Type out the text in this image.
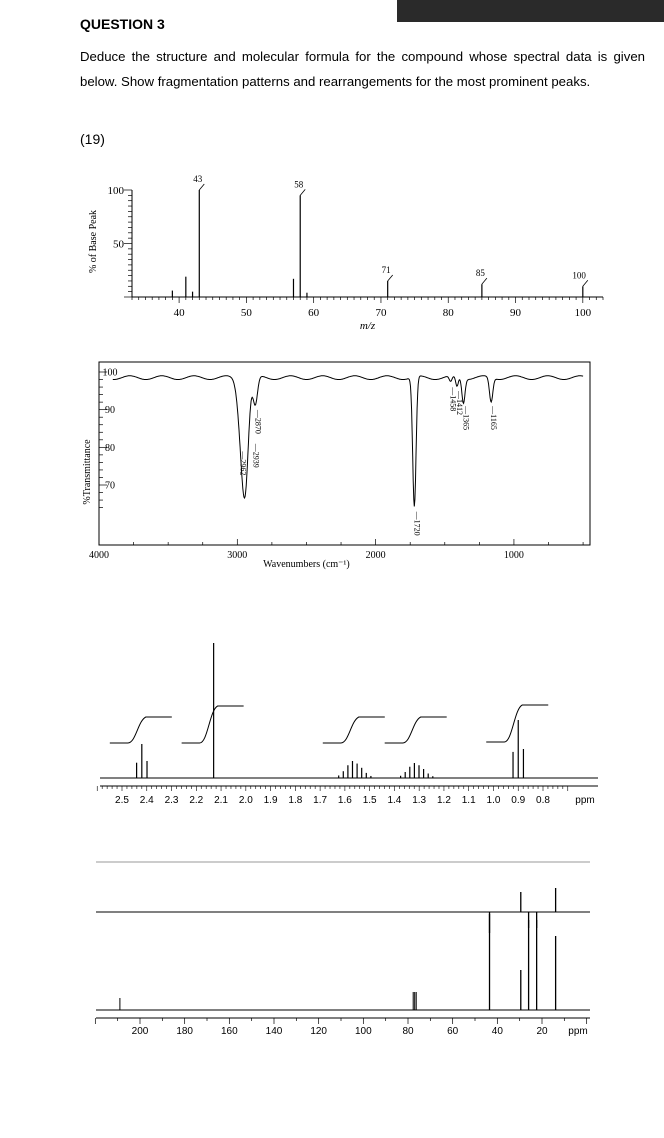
QUESTION 3
Deduce the structure and molecular formula for the compound whose spectral data is given below. Show fragmentation patterns and rearrangements for the most prominent peaks.
(19)
40	50	60	70	80	90	100
50
100
m/z
% of Base Peak
43
58
71	85	100
4000	3000	2000	1000
70
80
90
100
Wavenumbers (cm⁻¹)
%Transmittance	—2962 —2939
—2870
—1720
—1458
—1412
—1365 —1165
2.5 2.4 2.3 2.2 2.1 2.0 1.9 1.8 1.7 1.6 1.5 1.4 1.3 1.2 1.1 1.0 0.9 0.8	ppm
200	180	160	140	120	100	80	60	40	20 ppm
